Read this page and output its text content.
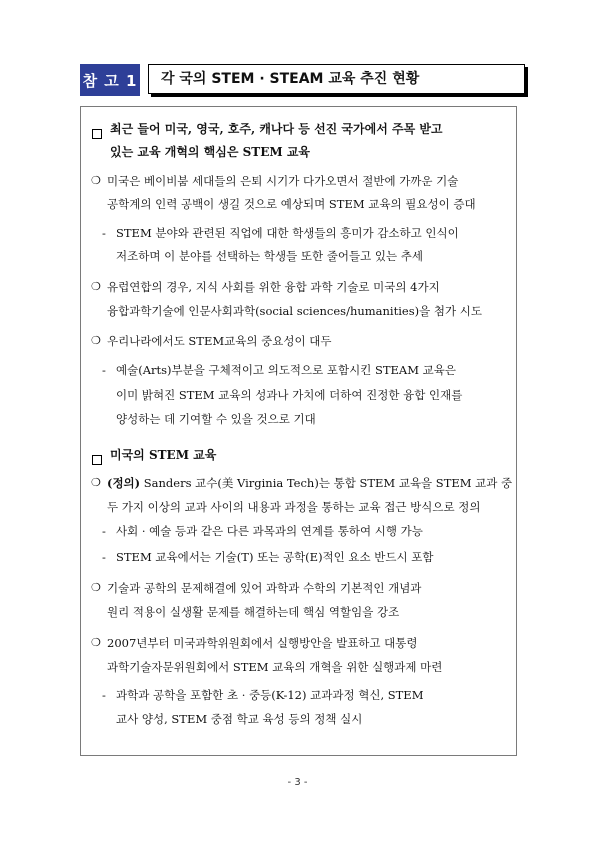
참 고 1	각 국의 STEM · STEAM 교육 추진 현황
최근 들어 미국, 영국, 호주, 캐나다 등 선진 국가에서 주목 받고
있는 교육 개혁의 핵심은 STEM 교육
❍ 미국은 베이비붐 세대들의 은퇴 시기가 다가오면서 절반에 가까운 기술
공학계의 인력 공백이 생길 것으로 예상되며 STEM 교육의 필요성이 증대
- STEM 분야와 관련된 직업에 대한 학생들의 흥미가 감소하고 인식이
저조하며 이 분야를 선택하는 학생들 또한 줄어들고 있는 추세
❍ 유럽연합의 경우, 지식 사회를 위한 융합 과학 기술로 미국의 4가지
융합과학기술에 인문사회과학(social sciences/humanities)을 첨가 시도
❍ 우리나라에서도 STEM교육의 중요성이 대두
- 예술(Arts)부분을 구체적이고 의도적으로 포함시킨 STEAM 교육은
이미 밝혀진 STEM 교육의 성과나 가치에 더하여 진정한 융합 인재를
양성하는 데 기여할 수 있을 것으로 기대
미국의 STEM 교육
❍ (정의) Sanders 교수(美 Virginia Tech)는 통합 STEM 교육을 STEM 교과 중
두 가지 이상의 교과 사이의 내용과 과정을 통하는 교육 접근 방식으로 정의
- 사회 · 예술 등과 같은 다른 과목과의 연계를 통하여 시행 가능
- STEM 교육에서는 기술(T) 또는 공학(E)적인 요소 반드시 포함
❍ 기술과 공학의 문제해결에 있어 과학과 수학의 기본적인 개념과
원리 적용이 실생활 문제를 해결하는데 핵심 역할임을 강조
❍ 2007년부터 미국과학위원회에서 실행방안을 발표하고 대통령
과학기술자문위원회에서 STEM 교육의 개혁을 위한 실행과제 마련
- 과학과 공학을 포함한 초 · 중등(K-12) 교과과정 혁신, STEM
교사 양성, STEM 중점 학교 육성 등의 정책 실시
- 3 -
